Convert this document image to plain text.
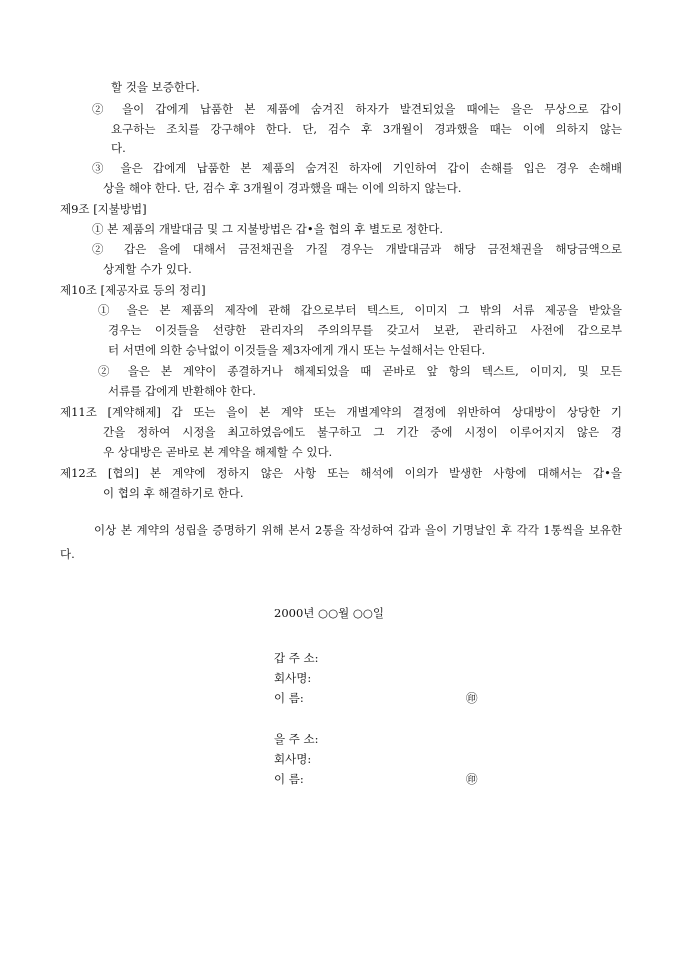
할 것을 보증한다.
② 을이 갑에게 납품한 본 제품에 숨겨진 하자가 발견되었을 때에는 을은 무상으로 갑이
요구하는 조치를 강구해야 한다. 단, 검수 후 3개월이 경과했을 때는 이에 의하지 않는
다.
③ 을은 갑에게 납품한 본 제품의 숨겨진 하자에 기인하여 갑이 손해를 입은 경우 손해배
상을 해야 한다. 단, 검수 후 3개월이 경과했을 때는 이에 의하지 않는다.
제9조 [지불방법]
① 본 제품의 개발대금 및 그 지불방법은 갑•을 협의 후 별도로 정한다.
② 갑은 을에 대해서 금전채권을 가질 경우는 개발대금과 해당 금전채권을 해당금액으로
상계할 수가 있다.
제10조 [제공자료 등의 정리]
① 을은 본 제품의 제작에 관해 갑으로부터 텍스트, 이미지 그 밖의 서류 제공을 받았을
경우는 이것들을 선량한 관리자의 주의의무를 갖고서 보관, 관리하고 사전에 갑으로부
터 서면에 의한 승낙없이 이것들을 제3자에게 개시 또는 누설해서는 안된다.
② 을은 본 계약이 종결하거나 해제되었을 때 곧바로 앞 항의 텍스트, 이미지, 및 모든
서류를 갑에게 반환해야 한다.
제11조 [계약해제] 갑 또는 을이 본 계약 또는 개별계약의 결정에 위반하여 상대방이 상당한 기
간을 정하여 시정을 최고하였음에도 불구하고 그 기간 중에 시정이 이루어지지 않은 경
우 상대방은 곧바로 본 계약을 해제할 수 있다.
제12조 [협의] 본 계약에 정하지 않은 사항 또는 해석에 이의가 발생한 사항에 대해서는 갑•을
이 협의 후 해결하기로 한다.
이상 본 계약의 성립을 증명하기 위해 본서 2통을 작성하여 갑과 을이 기명날인 후 각각 1통씩을 보유한다.
2000년 ○○월 ○○일
갑 주 소:
회사명:
이 름:	㊞
을 주 소:
회사명:
이 름:	㊞
